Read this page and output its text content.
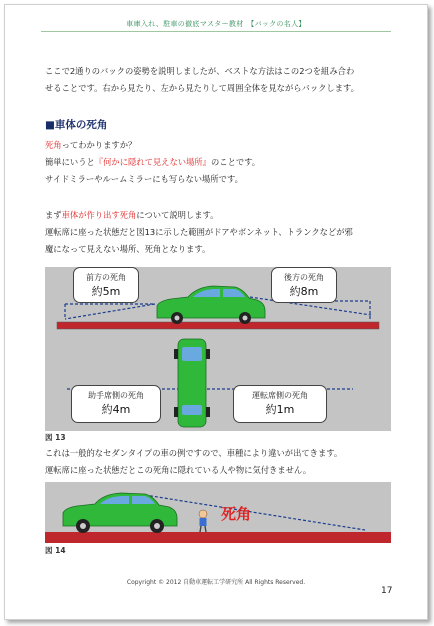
車庫入れ、駐車の徹底マスター教材　【バックの名人】
ここで2通りのバックの姿勢を説明しましたが、ベストな方法はこの2つを組み合わ
せることです。右から見たり、左から見たりして周囲全体を見ながらバックします。
■車体の死角
死角ってわかりますか？
簡単にいうと『何かに隠れて見えない場所』のことです。
サイドミラーやルームミラーにも写らない場所です。
まず車体が作り出す死角について説明します。
運転席に座った状態だと図13に示した範囲がドアやボンネット、トランクなどが邪
魔になって見えない場所、死角となります。
前方の死角
約5m
後方の死角
約8m
助手席側の死角
約4m
運転席側の死角
約1m
図 13
これは一般的なセダンタイプの車の例ですので、車種により違いが出てきます。
運転席に座った状態だとこの死角に隠れている人や物に気付きません。
死角
図 14
Copyright © 2012 自動車運転工学研究所 All Rights Reserved.
17
